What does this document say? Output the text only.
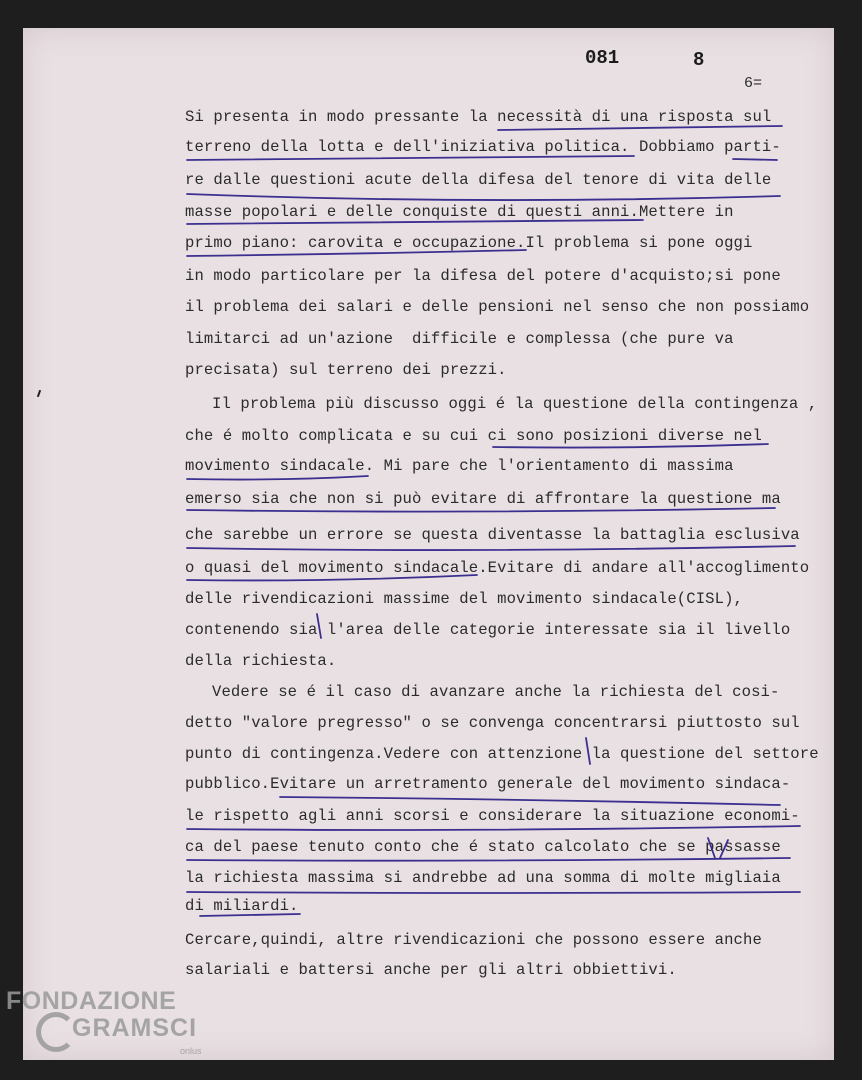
081	8
6=
Si presenta in modo pressante la necessità di una risposta sul
terreno della lotta e dell'iniziativa politica. Dobbiamo parti-
re dalle questioni acute della difesa del tenore di vita delle
masse popolari e delle conquiste di questi anni.Mettere in
primo piano: carovita e occupazione.Il problema si pone oggi
in modo particolare per la difesa del potere d'acquisto;si pone
il problema dei salari e delle pensioni nel senso che non possiamo
limitarci ad un'azione  difficile e complessa (che pure va
precisata) sul terreno dei prezzi.
Il problema più discusso oggi é la questione della contingenza ,
che é molto complicata e su cui ci sono posizioni diverse nel
movimento sindacale. Mi pare che l'orientamento di massima
emerso sia che non si può evitare di affrontare la questione ma
che sarebbe un errore se questa diventasse la battaglia esclusiva
o quasi del movimento sindacale.Evitare di andare all'accoglimento
delle rivendicazioni massime del movimento sindacale(CISL),
contenendo sia l'area delle categorie interessate sia il livello
della richiesta.
Vedere se é il caso di avanzare anche la richiesta del cosi-
detto "valore pregresso" o se convenga concentrarsi piuttosto sul
punto di contingenza.Vedere con attenzione la questione del settore
pubblico.Evitare un arretramento generale del movimento sindaca-
le rispetto agli anni scorsi e considerare la situazione economi-
ca del paese tenuto conto che é stato calcolato che se passasse
la richiesta massima si andrebbe ad una somma di molte migliaia
di miliardi.
Cercare,quindi, altre rivendicazioni che possono essere anche
salariali e battersi anche per gli altri obbiettivi.
FONDAZIONE
GRAMSCI
onlus
